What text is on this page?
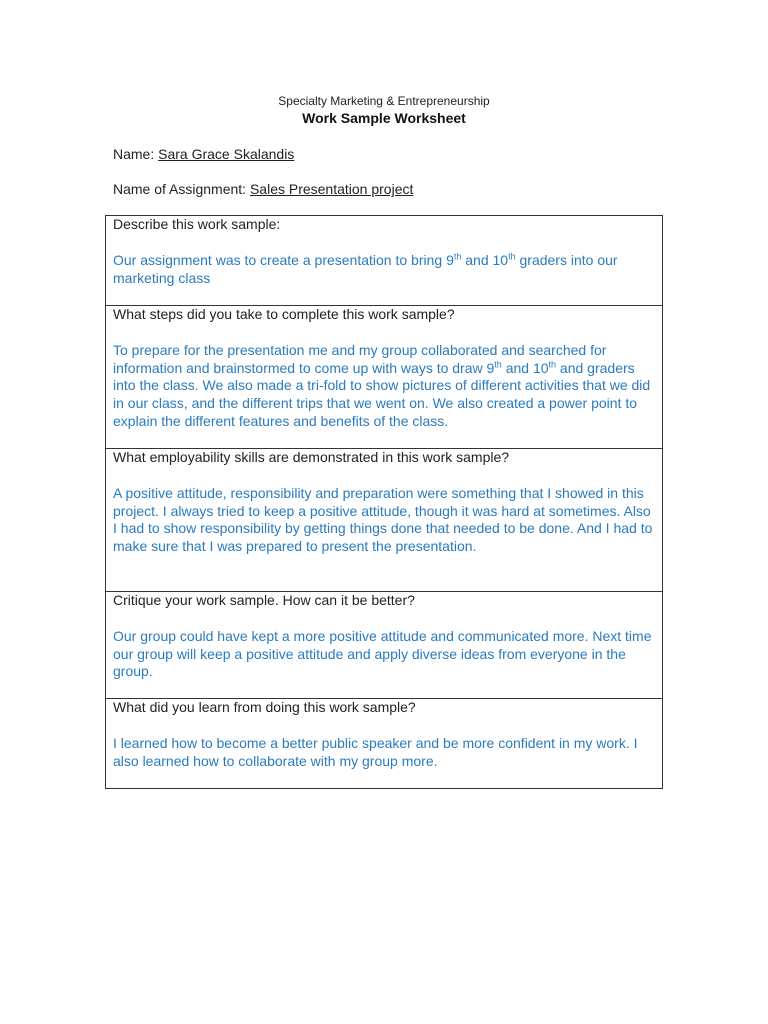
Specialty Marketing & Entrepreneurship
Work Sample Worksheet
Name: Sara Grace Skalandis
Name of Assignment: Sales Presentation project

Describe this work sample:

Our assignment was to create a presentation to bring 9th and 10th graders into our marketing class

What steps did you take to complete this work sample?

To prepare for the presentation me and my group collaborated and searched for information and brainstormed to come up with ways to draw 9th and 10th and graders into the class. We also made a tri-fold to show pictures of different activities that we did in our class, and the different trips that we went on. We also created a power point to explain the different features and benefits of the class.

What employability skills are demonstrated in this work sample?

A positive attitude, responsibility and preparation were something that I showed in this project. I always tried to keep a positive attitude, though it was hard at sometimes. Also I had to show responsibility by getting things done that needed to be done. And I had to make sure that I was prepared to present the presentation.

Critique your work sample. How can it be better?

Our group could have kept a more positive attitude and communicated more. Next time our group will keep a positive attitude and apply diverse ideas from everyone in the group.

What did you learn from doing this work sample?

I learned how to become a better public speaker and be more confident in my work. I also learned how to collaborate with my group more.
